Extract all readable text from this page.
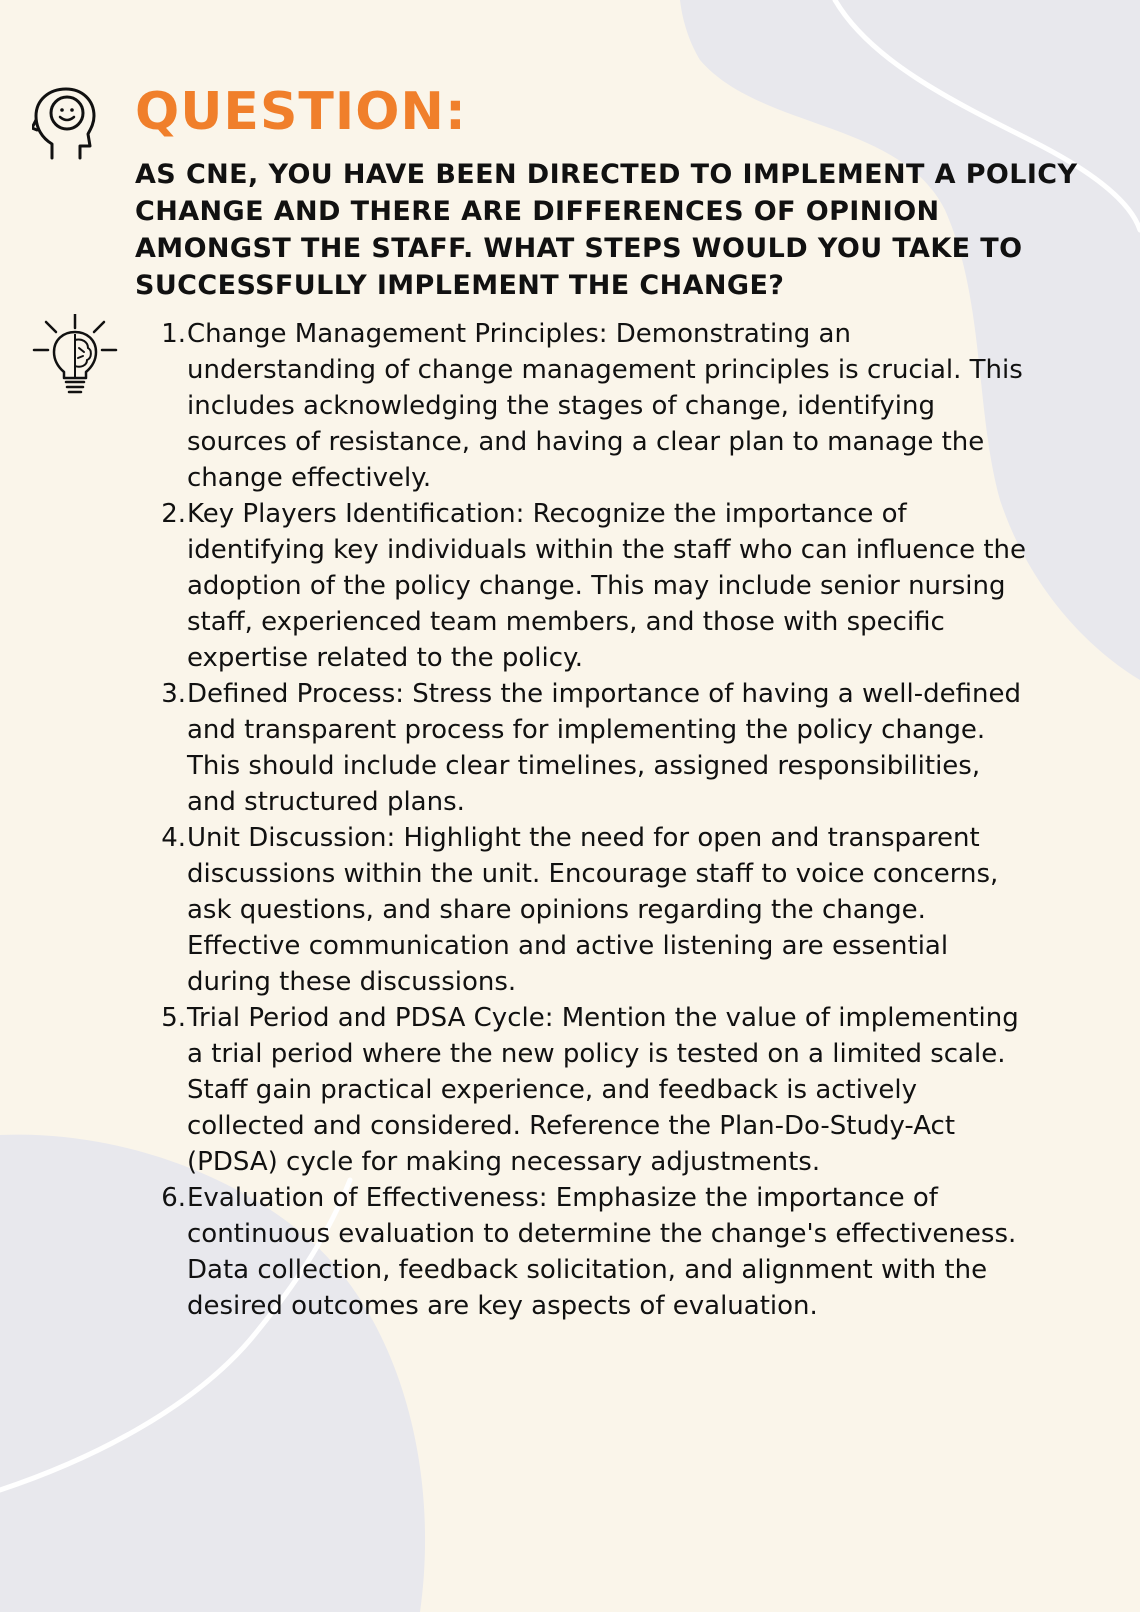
QUESTION:

AS CNE, YOU HAVE BEEN DIRECTED TO IMPLEMENT A POLICY CHANGE AND THERE ARE DIFFERENCES OF OPINION AMONGST THE STAFF. WHAT STEPS WOULD YOU TAKE TO SUCCESSFULLY IMPLEMENT THE CHANGE?

1. Change Management Principles: Demonstrating an understanding of change management principles is crucial. This includes acknowledging the stages of change, identifying sources of resistance, and having a clear plan to manage the change effectively.
2. Key Players Identification: Recognize the importance of identifying key individuals within the staff who can influence the adoption of the policy change. This may include senior nursing staff, experienced team members, and those with specific expertise related to the policy.
3. Defined Process: Stress the importance of having a well-defined and transparent process for implementing the policy change. This should include clear timelines, assigned responsibilities, and structured plans.
4. Unit Discussion: Highlight the need for open and transparent discussions within the unit. Encourage staff to voice concerns, ask questions, and share opinions regarding the change. Effective communication and active listening are essential during these discussions.
5. Trial Period and PDSA Cycle: Mention the value of implementing a trial period where the new policy is tested on a limited scale. Staff gain practical experience, and feedback is actively collected and considered. Reference the Plan-Do-Study-Act (PDSA) cycle for making necessary adjustments.
6. Evaluation of Effectiveness: Emphasize the importance of continuous evaluation to determine the change's effectiveness. Data collection, feedback solicitation, and alignment with the desired outcomes are key aspects of evaluation.
